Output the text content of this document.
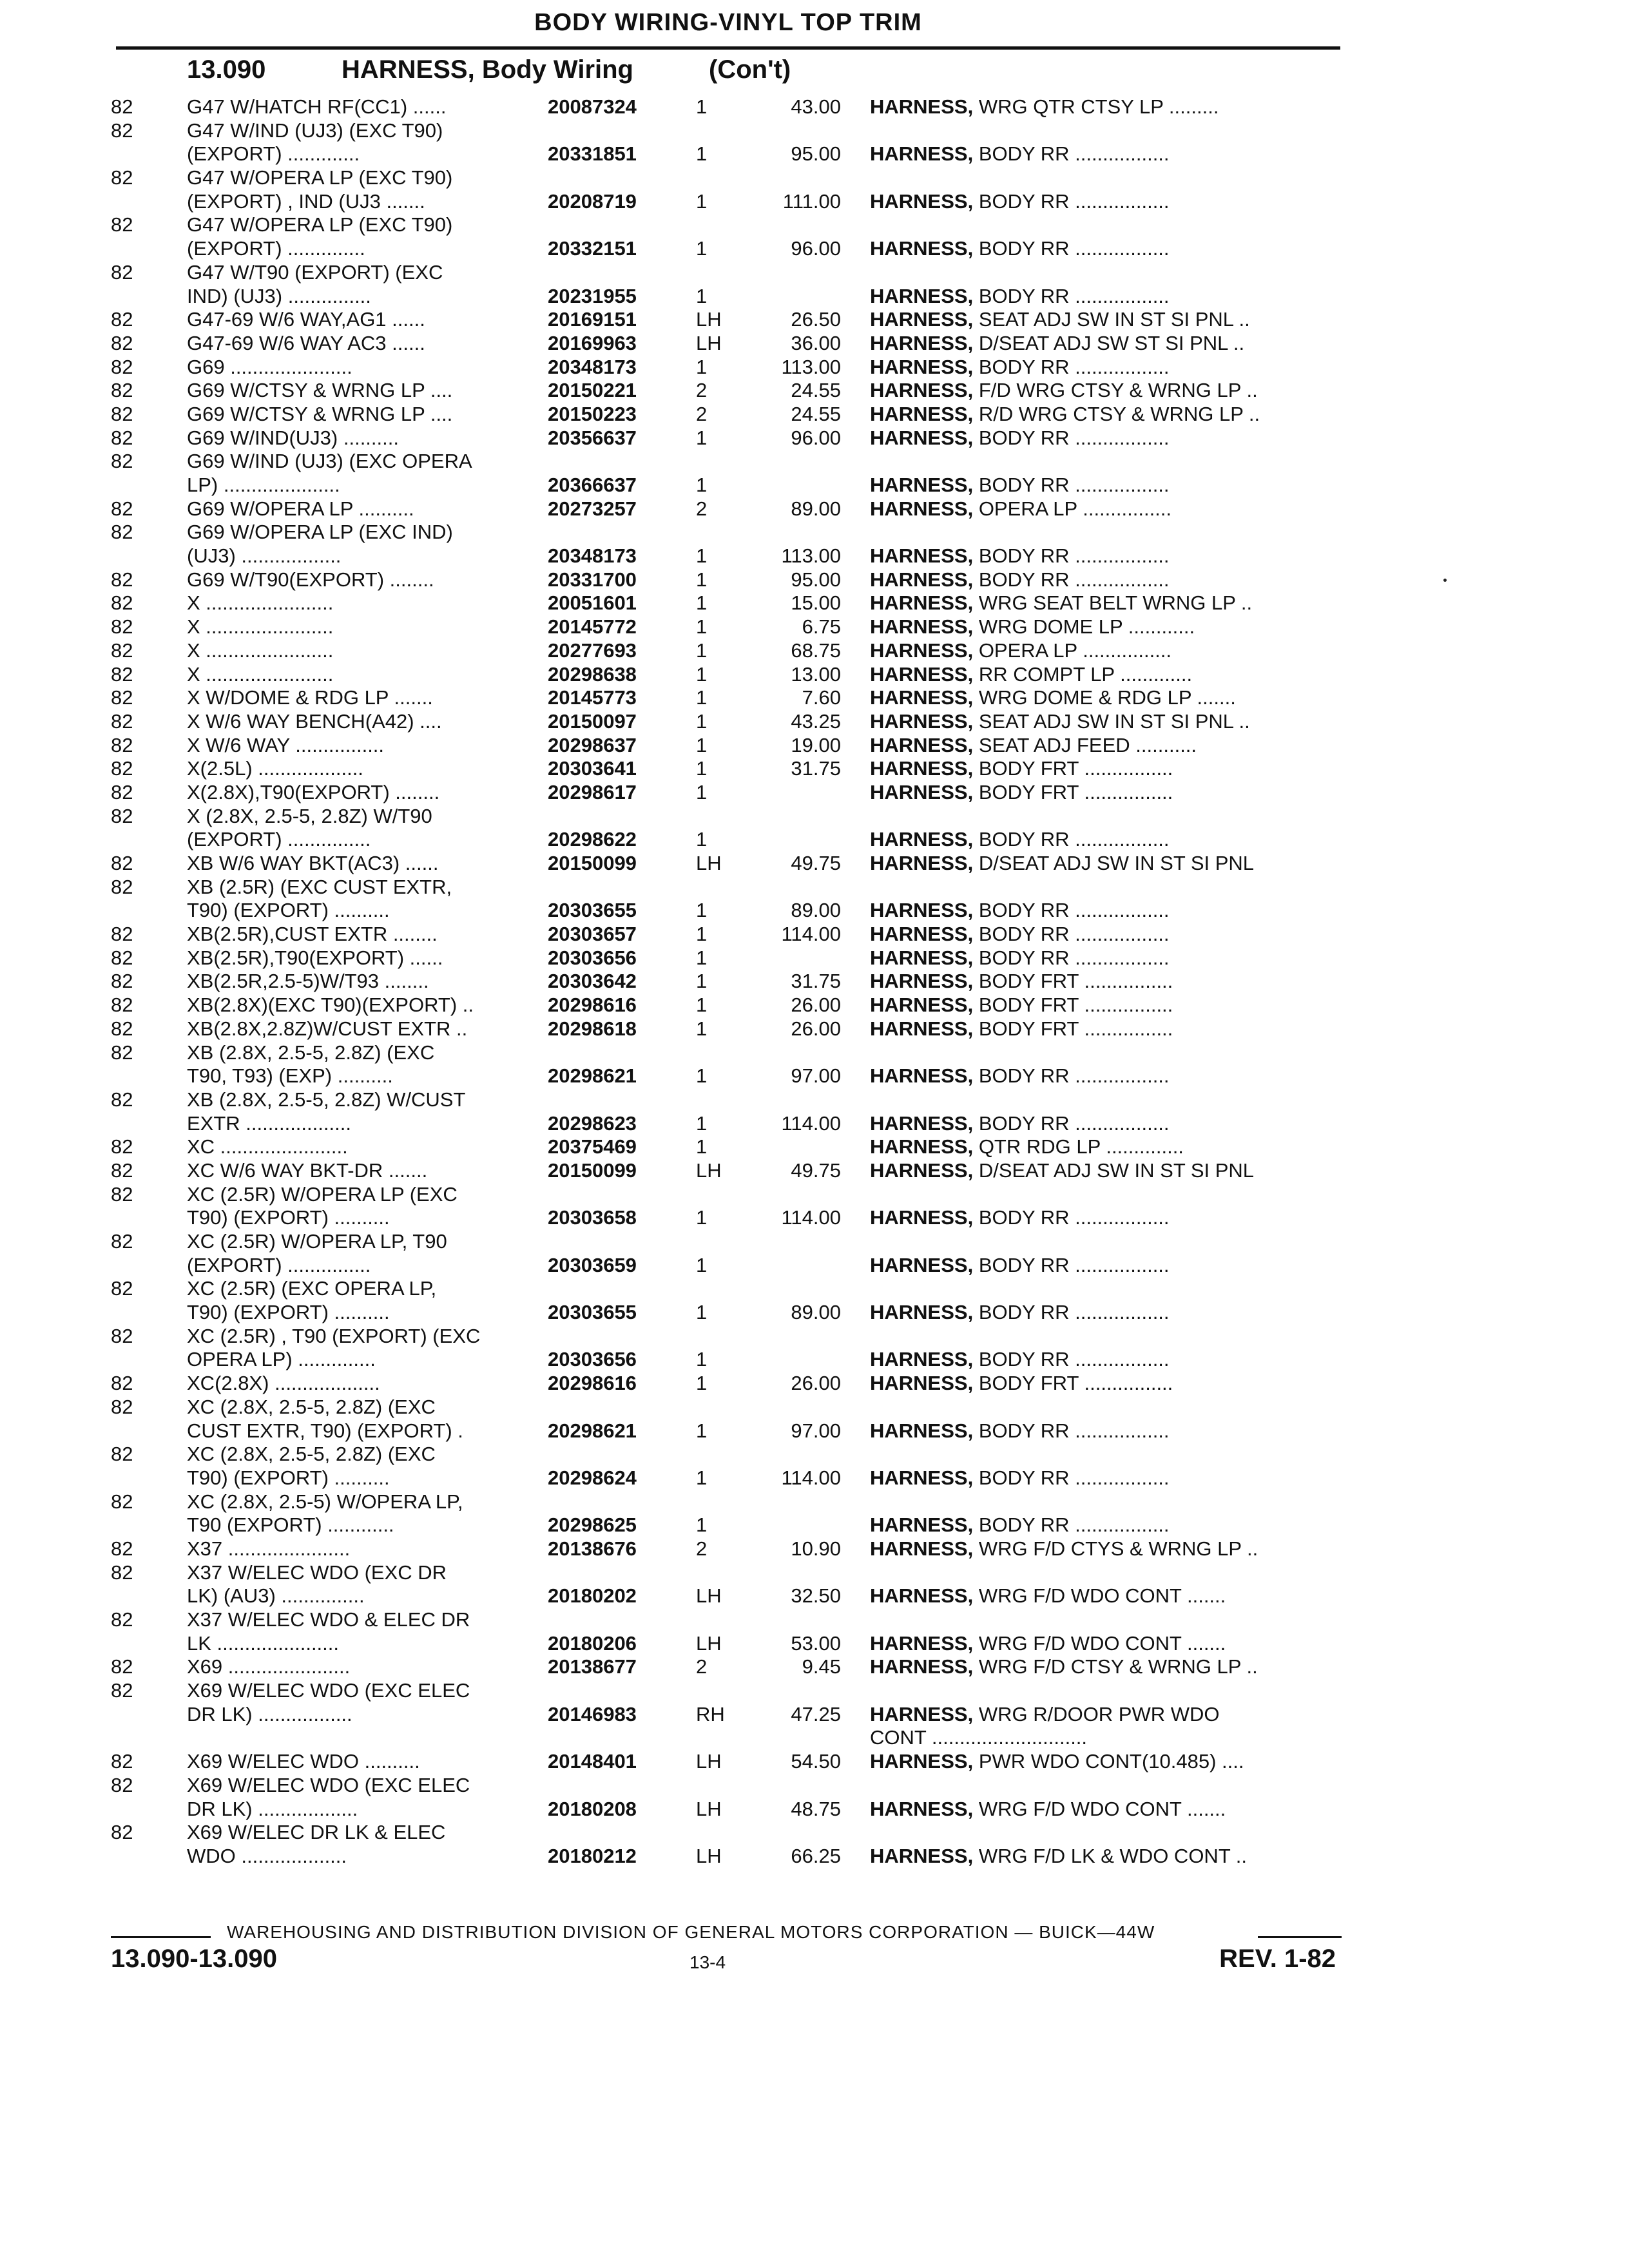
BODY WIRING-VINYL TOP TRIM
13.090	HARNESS, Body Wiring	(Con't)
82	G47 W/HATCH RF(CC1) ......	20087324	1	43.00 HARNESS, WRG QTR CTSY LP .........
82	G47 W/IND (UJ3) (EXC T90)
(EXPORT) .............	20331851	1	95.00 HARNESS, BODY RR .................
82	G47 W/OPERA LP (EXC T90)
(EXPORT) , IND (UJ3 .......	20208719	1	111.00 HARNESS, BODY RR .................
82	G47 W/OPERA LP (EXC T90)
(EXPORT) ..............	20332151	1	96.00 HARNESS, BODY RR .................
82	G47 W/T90 (EXPORT) (EXC
IND) (UJ3) ...............	20231955	1	HARNESS, BODY RR .................
82	G47-69 W/6 WAY,AG1 ......	20169151	LH	26.50 HARNESS, SEAT ADJ SW IN ST SI PNL ..
82	G47-69 W/6 WAY AC3 ......	20169963	LH	36.00 HARNESS, D/SEAT ADJ SW ST SI PNL ..
82	G69 ......................	20348173	1	113.00 HARNESS, BODY RR .................
82	G69 W/CTSY & WRNG LP ....	20150221	2	24.55 HARNESS, F/D WRG CTSY & WRNG LP ..
82	G69 W/CTSY & WRNG LP ....	20150223	2	24.55 HARNESS, R/D WRG CTSY & WRNG LP ..
82	G69 W/IND(UJ3) ..........	20356637	1	96.00 HARNESS, BODY RR .................
82	G69 W/IND (UJ3) (EXC OPERA
LP) .....................	20366637	1	HARNESS, BODY RR .................
82	G69 W/OPERA LP ..........	20273257	2	89.00 HARNESS, OPERA LP ................
82	G69 W/OPERA LP (EXC IND)
(UJ3) ..................	20348173	1	113.00 HARNESS, BODY RR .................
82	G69 W/T90(EXPORT) ........	20331700	1	95.00 HARNESS, BODY RR .................
82	X .......................	20051601	1	15.00 HARNESS, WRG SEAT BELT WRNG LP ..
82	X .......................	20145772	1	6.75 HARNESS, WRG DOME LP ............
82	X .......................	20277693	1	68.75 HARNESS, OPERA LP ................
82	X .......................	20298638	1	13.00 HARNESS, RR COMPT LP .............
82	X W/DOME & RDG LP .......	20145773	1	7.60 HARNESS, WRG DOME & RDG LP .......
82	X W/6 WAY BENCH(A42) ....	20150097	1	43.25 HARNESS, SEAT ADJ SW IN ST SI PNL ..
82	X W/6 WAY ................	20298637	1	19.00 HARNESS, SEAT ADJ FEED ...........
82	X(2.5L) ...................	20303641	1	31.75 HARNESS, BODY FRT ................
82	X(2.8X),T90(EXPORT) ........	20298617	1	HARNESS, BODY FRT ................
82	X (2.8X, 2.5-5, 2.8Z) W/T90
(EXPORT) ...............	20298622	1	HARNESS, BODY RR .................
82	XB W/6 WAY BKT(AC3) ......	20150099	LH	49.75 HARNESS, D/SEAT ADJ SW IN ST SI PNL
82	XB (2.5R) (EXC CUST EXTR,
T90) (EXPORT) ..........	20303655	1	89.00 HARNESS, BODY RR .................
82	XB(2.5R),CUST EXTR ........	20303657	1	114.00 HARNESS, BODY RR .................
82	XB(2.5R),T90(EXPORT) ......	20303656	1	HARNESS, BODY RR .................
82	XB(2.5R,2.5-5)W/T93 ........	20303642	1	31.75 HARNESS, BODY FRT ................
82	XB(2.8X)(EXC T90)(EXPORT) ..	20298616	1	26.00 HARNESS, BODY FRT ................
82	XB(2.8X,2.8Z)W/CUST EXTR ..	20298618	1	26.00 HARNESS, BODY FRT ................
82	XB (2.8X, 2.5-5, 2.8Z) (EXC
T90, T93) (EXP) ..........	20298621	1	97.00 HARNESS, BODY RR .................
82	XB (2.8X, 2.5-5, 2.8Z) W/CUST
EXTR ...................	20298623	1	114.00 HARNESS, BODY RR .................
82	XC .......................	20375469	1	HARNESS, QTR RDG LP ..............
82	XC W/6 WAY BKT-DR .......	20150099	LH	49.75 HARNESS, D/SEAT ADJ SW IN ST SI PNL
82	XC (2.5R) W/OPERA LP (EXC
T90) (EXPORT) ..........	20303658	1	114.00 HARNESS, BODY RR .................
82	XC (2.5R) W/OPERA LP, T90
(EXPORT) ...............	20303659	1	HARNESS, BODY RR .................
82	XC (2.5R) (EXC OPERA LP,
T90) (EXPORT) ..........	20303655	1	89.00 HARNESS, BODY RR .................
82	XC (2.5R) , T90 (EXPORT) (EXC
OPERA LP) ..............	20303656	1	HARNESS, BODY RR .................
82	XC(2.8X) ...................	20298616	1	26.00 HARNESS, BODY FRT ................
82	XC (2.8X, 2.5-5, 2.8Z) (EXC
CUST EXTR, T90) (EXPORT) .	20298621	1	97.00 HARNESS, BODY RR .................
82	XC (2.8X, 2.5-5, 2.8Z) (EXC
T90) (EXPORT) ..........	20298624	1	114.00 HARNESS, BODY RR .................
82	XC (2.8X, 2.5-5) W/OPERA LP,
T90 (EXPORT) ............	20298625	1	HARNESS, BODY RR .................
82	X37 ......................	20138676	2	10.90 HARNESS, WRG F/D CTYS & WRNG LP ..
82	X37 W/ELEC WDO (EXC DR
LK) (AU3) ...............	20180202	LH	32.50 HARNESS, WRG F/D WDO CONT .......
82	X37 W/ELEC WDO & ELEC DR
LK ......................	20180206	LH	53.00 HARNESS, WRG F/D WDO CONT .......
82	X69 ......................	20138677	2	9.45 HARNESS, WRG F/D CTSY & WRNG LP ..
82	X69 W/ELEC WDO (EXC ELEC
DR LK) .................	20146983	RH	47.25 HARNESS, WRG R/DOOR PWR WDO
CONT ............................
82	X69 W/ELEC WDO ..........	20148401	LH	54.50 HARNESS, PWR WDO CONT(10.485) ....
82	X69 W/ELEC WDO (EXC ELEC
DR LK) ..................	20180208	LH	48.75 HARNESS, WRG F/D WDO CONT .......
82	X69 W/ELEC DR LK & ELEC
WDO ...................	20180212	LH	66.25 HARNESS, WRG F/D LK & WDO CONT ..
WAREHOUSING AND DISTRIBUTION DIVISION OF GENERAL MOTORS CORPORATION — BUICK—44W
13.090-13.090	13-4	REV. 1-82
